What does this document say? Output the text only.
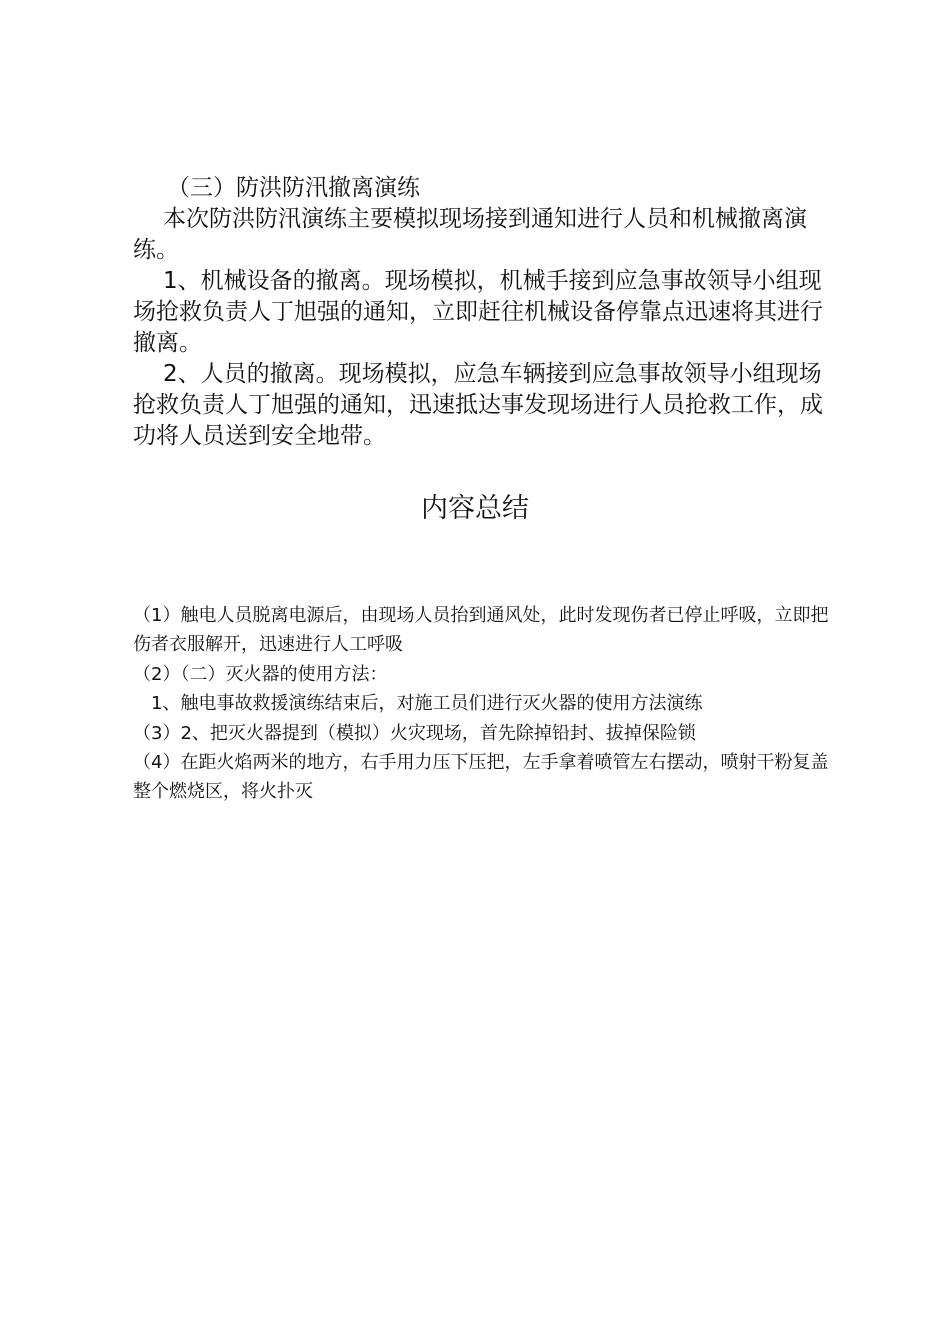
（三）防洪防汛撤离演练

本次防洪防汛演练主要模拟现场接到通知进行人员和机械撤离演练。

1、机械设备的撤离。现场模拟，机械手接到应急事故领导小组现场抢救负责人丁旭强的通知，立即赶往机械设备停靠点迅速将其进行撤离。

2、人员的撤离。现场模拟，应急车辆接到应急事故领导小组现场抢救负责人丁旭强的通知，迅速抵达事发现场进行人员抢救工作，成功将人员送到安全地带。

内容总结

（1）触电人员脱离电源后，由现场人员抬到通风处，此时发现伤者已停止呼吸，立即把伤者衣服解开，迅速进行人工呼吸

（2）（二）灭火器的使用方法：

1、触电事故救援演练结束后，对施工员们进行灭火器的使用方法演练

（3）2、把灭火器提到（模拟）火灾现场，首先除掉铅封、拔掉保险锁

（4）在距火焰两米的地方，右手用力压下压把，左手拿着喷管左右摆动，喷射干粉复盖整个燃烧区，将火扑灭
